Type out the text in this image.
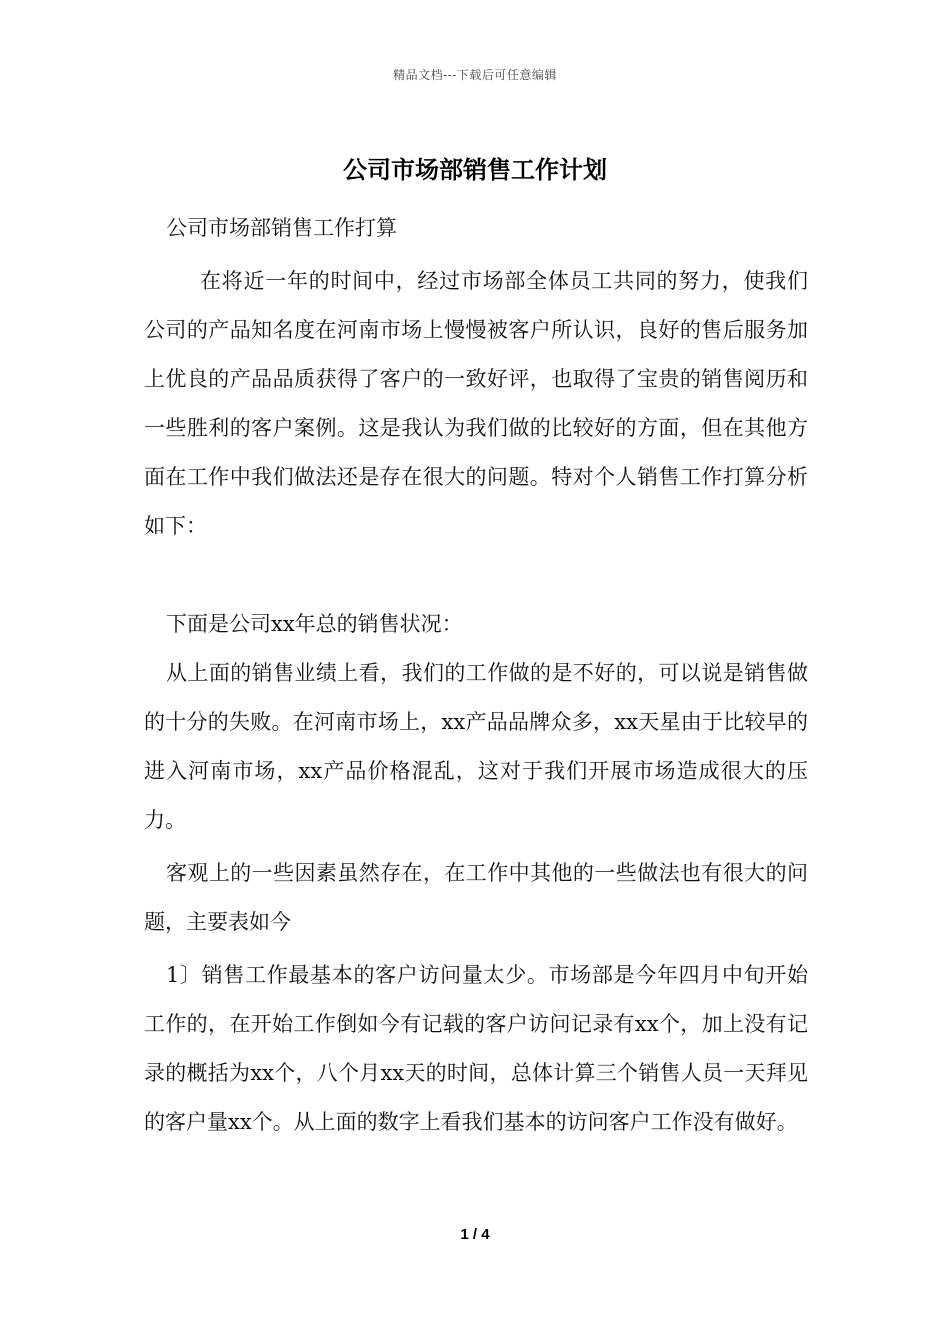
精品文档---下载后可任意编辑
公司市场部销售工作计划

公司市场部销售工作打算

在将近一年的时间中，经过市场部全体员工共同的努力，使我们公司的产品知名度在河南市场上慢慢被客户所认识，良好的售后服务加上优良的产品品质获得了客户的一致好评，也取得了宝贵的销售阅历和一些胜利的客户案例。这是我认为我们做的比较好的方面，但在其他方面在工作中我们做法还是存在很大的问题。特对个人销售工作打算分析如下：

下面是公司xx年总的销售状况：

从上面的销售业绩上看，我们的工作做的是不好的，可以说是销售做的十分的失败。在河南市场上，xx产品品牌众多，xx天星由于比较早的进入河南市场，xx产品价格混乱，这对于我们开展市场造成很大的压力。

客观上的一些因素虽然存在，在工作中其他的一些做法也有很大的问题，主要表如今

1〕销售工作最基本的客户访问量太少。市场部是今年四月中旬开始工作的，在开始工作倒如今有记载的客户访问记录有xx个，加上没有记录的概括为xx个，八个月xx天的时间，总体计算三个销售人员一天拜见的客户量xx个。从上面的数字上看我们基本的访问客户工作没有做好。

1 / 4
